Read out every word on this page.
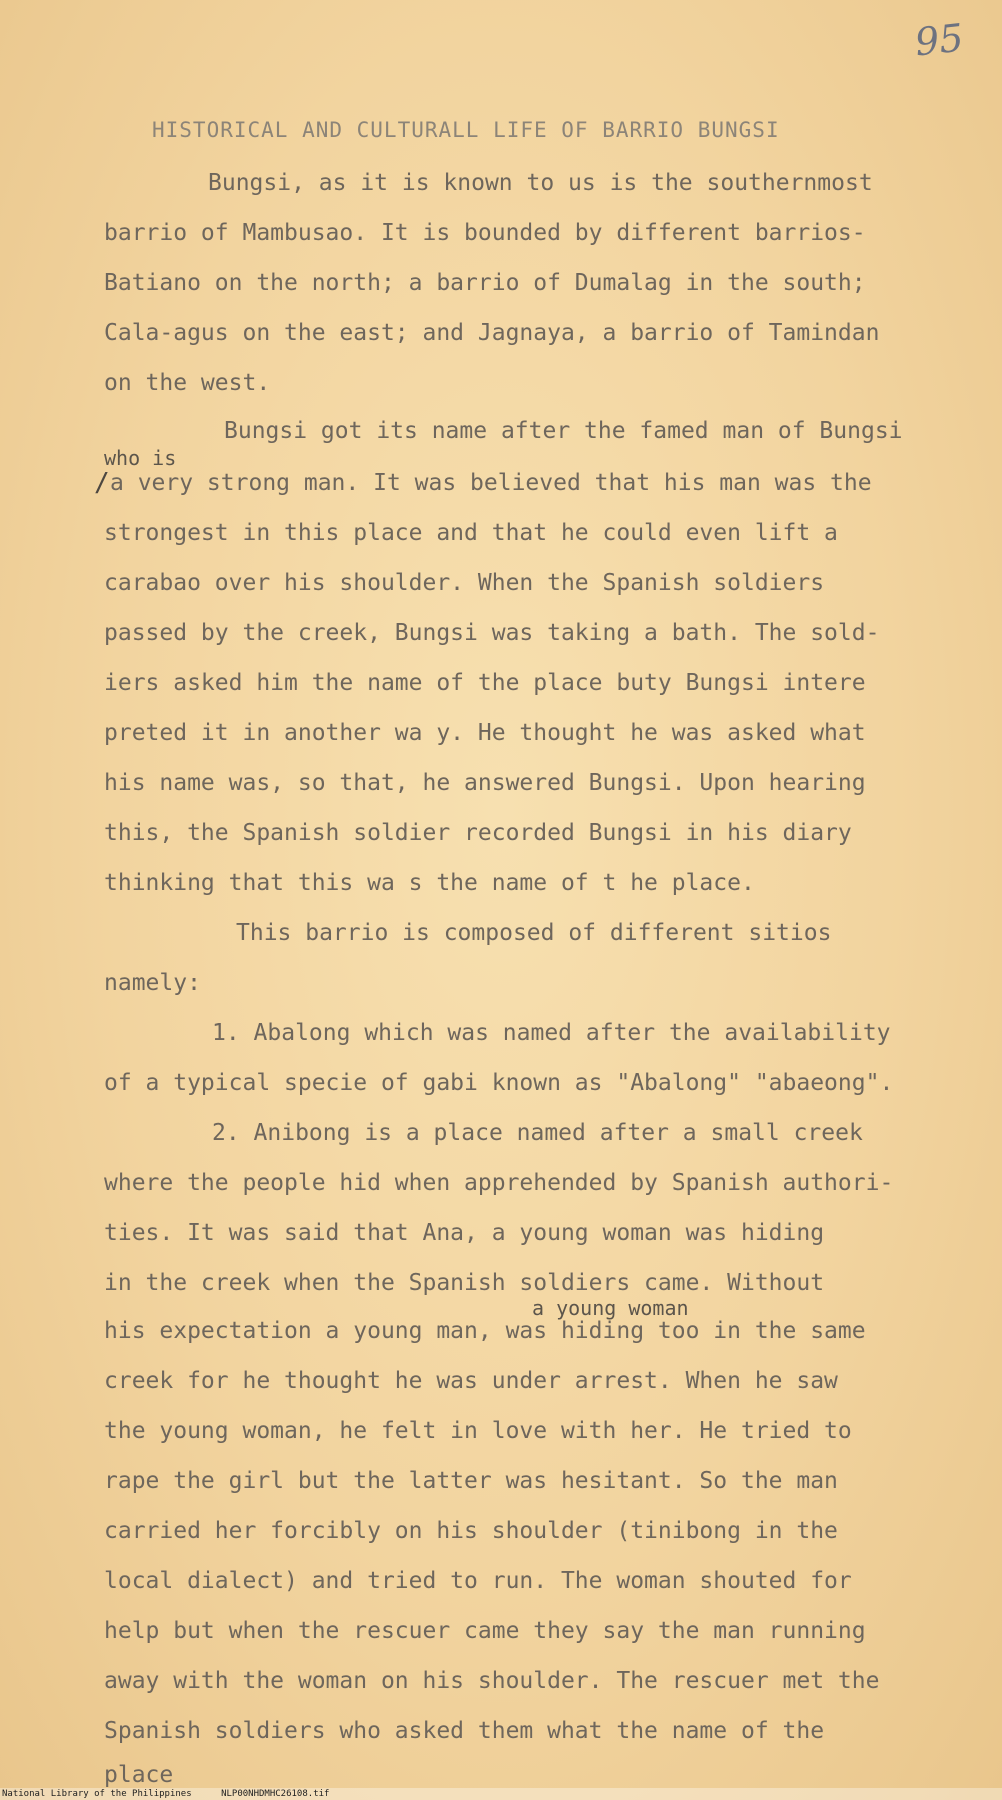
95
HISTORICAL AND CULTURALL LIFE OF BARRIO BUNGSI
Bungsi, as it is known to us is the southernmost
barrio of Mambusao. It is bounded by different barrios-
Batiano on the north; a barrio of Dumalag in the south;
Cala-agus on the east; and Jagnaya, a barrio of Tamindan
on the west.
Bungsi got its name after the famed man of Bungsi
who is
/ a very strong man. It was believed that his man was the
strongest in this place and that he could even lift a
carabao over his shoulder. When the Spanish soldiers
passed by the creek, Bungsi was taking a bath. The sold-
iers asked him the name of the place buty Bungsi intere
preted it in another wa y. He thought he was asked what
his name was, so that, he answered Bungsi. Upon hearing
this, the Spanish soldier recorded Bungsi in his diary
thinking that this wa s the name of t he place.
This barrio is composed of different sitios
namely:
1. Abalong which was named after the availability
of a typical specie of gabi known as "Abalong" "abaeong".
2. Anibong is a place named after a small creek
where the people hid when apprehended by Spanish authori-
ties. It was said that Ana, a young woman was hiding
in the creek when the Spanish soldiers came. Without
a young woman
his expectation a young man, was hiding too in the same
creek for he thought he was under arrest. When he saw
the young woman, he felt in love with her. He tried to
rape the girl but the latter was hesitant. So the man
carried her forcibly on his shoulder (tinibong in the
local dialect) and tried to run. The woman shouted for
help but when the rescuer came they say the man running
away with the woman on his shoulder. The rescuer met the
Spanish soldiers who asked them what the name of the
place
National Library of the Philippines	NLP00NHDMHC26108.tif
